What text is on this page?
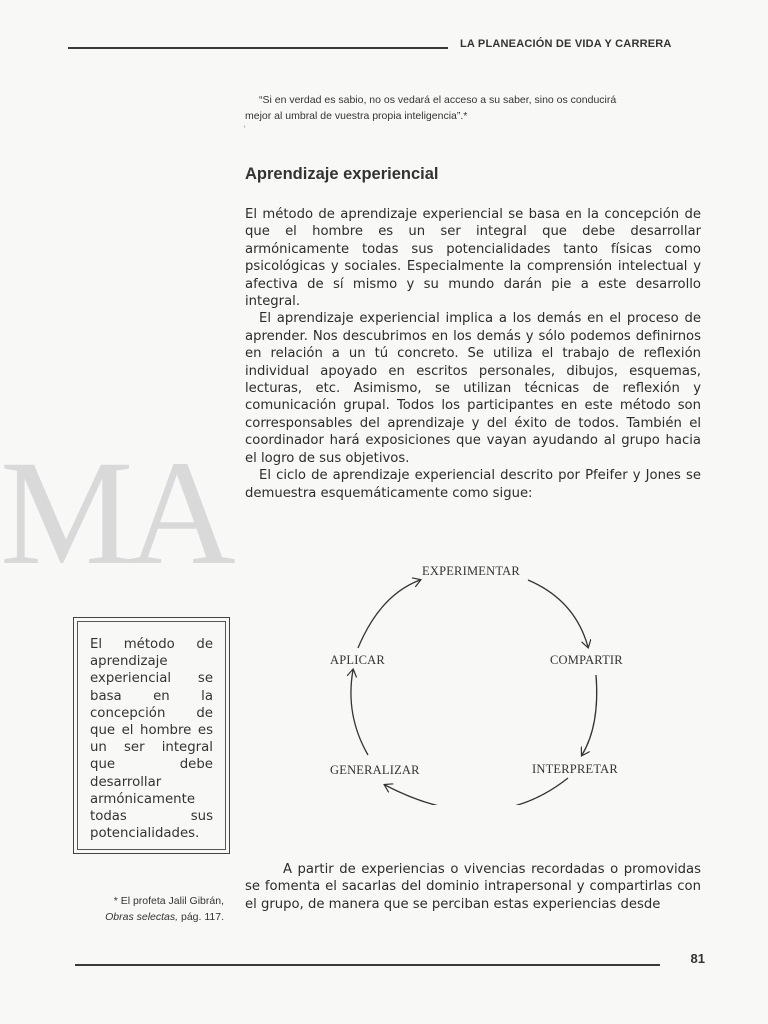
LA PLANEACIÓN DE VIDA Y CARRERA
“Si en verdad es sabio, no os vedará el acceso a su saber, sino os conducirá
mejor al umbral de vuestra propia inteligencia”.*
ʼ
Aprendizaje experiencial

El método de aprendizaje experiencial se basa en la concepción de que el hombre es un ser integral que debe desarrollar armónicamente todas sus potencialidades tanto físicas como psicológicas y sociales. Especialmente la comprensión intelectual y afectiva de sí mismo y su mundo darán pie a este desarrollo integral.

El aprendizaje experiencial implica a los demás en el proceso de aprender. Nos descubrimos en los demás y sólo podemos definirnos en relación a un tú concreto. Se utiliza el trabajo de reflexión individual apoyado en escritos personales, dibujos, esquemas, lecturas, etc. Asimismo, se utilizan técnicas de reflexión y comunicación grupal. Todos los participantes en este método son corresponsables del aprendizaje y del éxito de todos. También el coordinador hará exposiciones que vayan ayudando al grupo hacia el logro de sus objetivos.

El ciclo de aprendizaje experiencial descrito por Pfeifer y Jones se demuestra esquemáticamente como sigue:

MA	EXPERIMENTAR
COMPARTIR
INTERPRETAR
GENERALIZAR
APLICAR
El método de aprendizaje experiencial se basa en la concepción de que el hombre es un ser integral que debe desarrollar armónicamente todas sus potencialidades.
* El profeta Jalil Gibrán,
Obras selectas, pág. 117.

A partir de experiencias o vivencias recordadas o promovidas se fomenta el sacarlas del dominio intrapersonal y compartirlas con el grupo, de manera que se perciban estas experiencias desde

81
